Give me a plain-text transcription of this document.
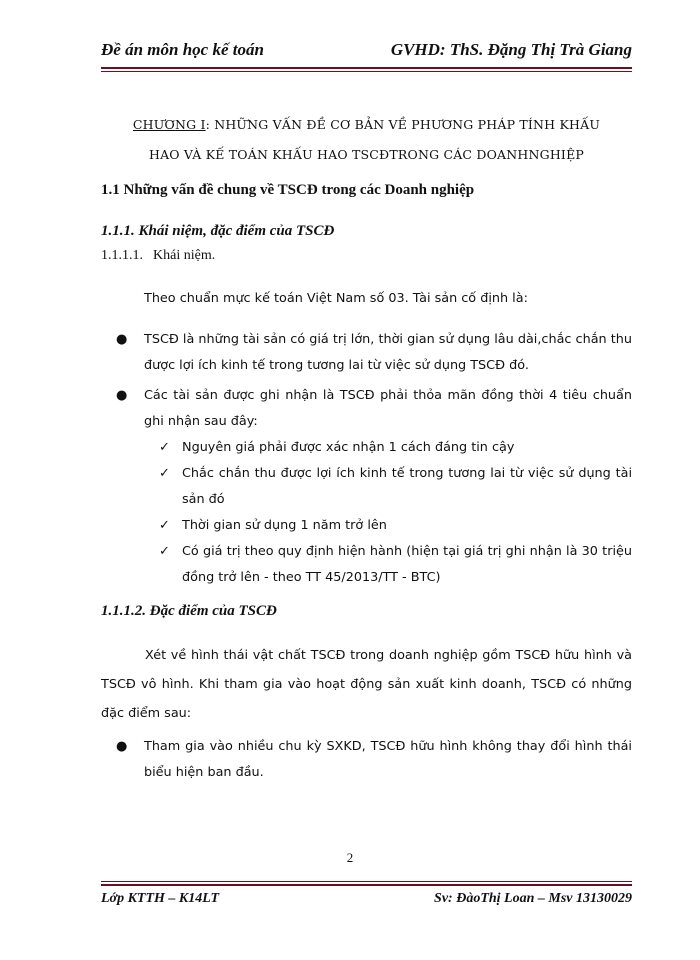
Đề án môn học kế toán	GVHD: ThS. Đặng Thị Trà Giang
CHƯƠNG I: NHỮNG VẤN ĐỀ CƠ BẢN VỀ PHƯƠNG PHÁP TÍNH KHẤU
HAO VÀ KẾ TOÁN KHẤU HAO TSCĐTRONG CÁC DOANHNGHIỆP
1.1 Những vấn đề chung về TSCĐ trong các Doanh nghiệp
1.1.1. Khái niệm, đặc điểm của TSCĐ
1.1.1.1. Khái niệm.
Theo chuẩn mực kế toán Việt Nam số 03. Tài sản cố định là:
● TSCĐ là những tài sản có giá trị lớn, thời gian sử dụng lâu dài,chắc chắn thu được lợi ích kinh tế trong tương lai từ việc sử dụng TSCĐ đó.
● Các tài sản được ghi nhận là TSCĐ phải thỏa mãn đồng thời 4 tiêu chuẩn ghi nhận sau đây:
✓ Nguyên giá phải được xác nhận 1 cách đáng tin cậy
✓ Chắc chắn thu được lợi ích kinh tế trong tương lai từ việc sử dụng tài sản đó
✓ Thời gian sử dụng 1 năm trở lên
✓ Có giá trị theo quy định hiện hành (hiện tại giá trị ghi nhận là 30 triệu đồng trở lên - theo TT 45/2013/TT - BTC)
1.1.1.2. Đặc điểm của TSCĐ
Xét về hình thái vật chất TSCĐ trong doanh nghiệp gồm TSCĐ hữu hình và TSCĐ vô hình. Khi tham gia vào hoạt động sản xuất kinh doanh, TSCĐ có những đặc điểm sau:
● Tham gia vào nhiều chu kỳ SXKD, TSCĐ hữu hình không thay đổi hình thái biểu hiện ban đầu.
2
Lớp KTTH – K14LT	Sv: ĐàoThị Loan – Msv 13130029
